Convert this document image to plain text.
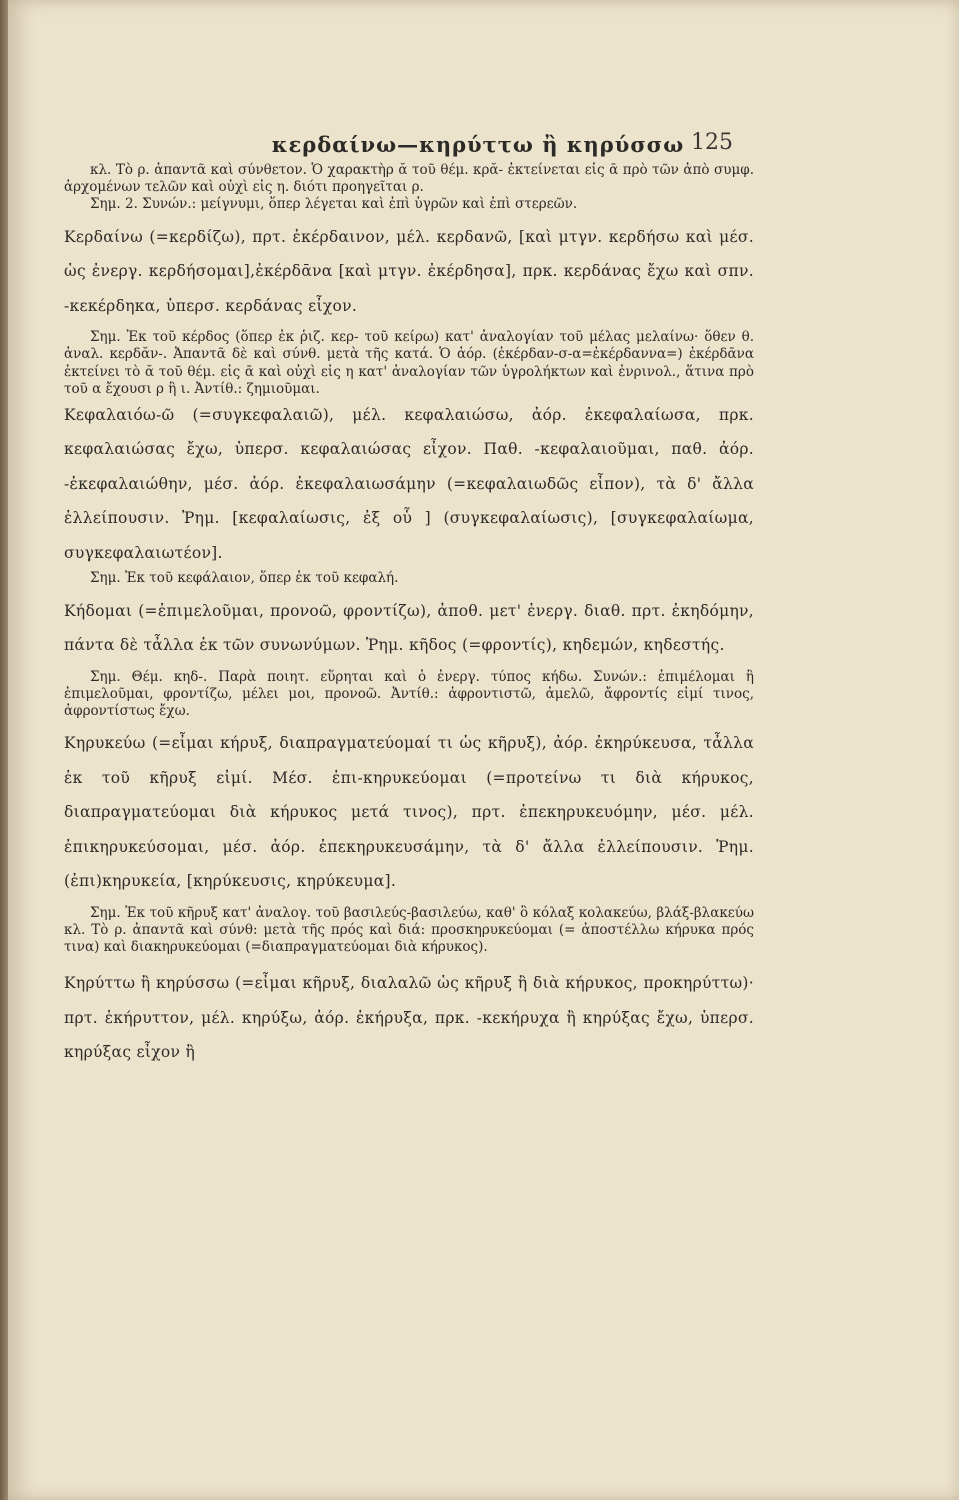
κερδαίνω—κηρύττω ἢ κηρύσσω 125

κλ. Τὸ ρ. ἀπαντᾶ καὶ σύνθετον. Ὁ χαρακτὴρ ᾰ τοῦ θέμ. κρᾰ- ἐκτείνεται εἰς ᾱ πρὸ τῶν ἀπὸ συμφ. ἀρχομένων τελῶν καὶ οὐχὶ εἰς η. διότι προηγεῖται ρ.

Σημ. 2. Συνών.: μείγνυμι, ὅπερ λέγεται καὶ ἐπὶ ὑγρῶν καὶ ἐπὶ στερεῶν.

Κερδαίνω (=κερδίζω), πρτ. ἐκέρδαινον, μέλ. κερδανῶ, [καὶ μτγν. κερδήσω καὶ μέσ. ὡς ἐνεργ. κερδήσομαι],ἐκέρδᾱνα [καὶ μτγν. ἐκέρδησα], πρκ. κερδάνας ἔχω καὶ σπν. -κεκέρδηκα, ὑπερσ. κερδάνας εἶχον.

Σημ. Ἐκ τοῦ κέρδος (ὅπερ ἐκ ῥιζ. κερ- τοῦ κείρω) κατ' ἀναλογίαν τοῦ μέλας μελαίνω· ὅθεν θ. ἀναλ. κερδᾰν-. Ἀπαντᾶ δὲ καὶ σύνθ. μετὰ τῆς κατά. Ὁ ἀόρ. (ἐκέρδαν-σ-α=ἐκέρδαννα=) ἐκέρδᾱνα ἐκτείνει τὸ ᾰ τοῦ θέμ. εἰς ᾱ καὶ οὐχὶ εἰς η κατ' ἀναλογίαν τῶν ὑγρολήκτων καὶ ἐνρινολ., ἅτινα πρὸ τοῦ α ἔχουσι ρ ἢ ι. Ἀντίθ.: ζημιοῦμαι.

Κεφαλαιόω-ῶ (=συγκεφαλαιῶ), μέλ. κεφαλαιώσω, ἀόρ. ἐκεφαλαίωσα, πρκ. κεφαλαιώσας ἔχω, ὑπερσ. κεφαλαιώσας εἶχον. Παθ. -κεφαλαιοῦμαι, παθ. ἀόρ. -ἐκεφαλαιώθην, μέσ. ἀόρ. ἐκεφαλαιωσάμην (=κεφαλαιωδῶς εἶπον), τὰ δ' ἄλλα ἐλλείπουσιν. Ῥημ. [κεφαλαίωσις, ἐξ οὗ ] (συγκεφαλαίωσις), [συγκεφαλαίωμα, συγκεφαλαιωτέον].

Σημ. Ἐκ τοῦ κεφάλαιον, ὅπερ ἐκ τοῦ κεφαλή.

Κήδομαι (=ἐπιμελοῦμαι, προνοῶ, φροντίζω), ἀποθ. μετ' ἐνεργ. διαθ. πρτ. ἐκηδόμην, πάντα δὲ τἆλλα ἐκ τῶν συνωνύμων. Ῥημ. κῆδος (=φροντίς), κηδεμών, κηδεστής.

Σημ. Θέμ. κηδ-. Παρὰ ποιητ. εὕρηται καὶ ὁ ἐνεργ. τύπος κήδω. Συνών.: ἐπιμέλομαι ἢ ἐπιμελοῦμαι, φροντίζω, μέλει μοι, προνοῶ. Ἀντίθ.: ἀφροντιστῶ, ἀμελῶ, ἄφροντίς εἰμί τινος, ἀφροντίστως ἔχω.

Κηρυκεύω (=εἶμαι κήρυξ, διαπραγματεύομαί τι ὡς κῆρυξ), ἀόρ. ἐκηρύκευσα, τἆλλα ἐκ τοῦ κῆρυξ εἰμί. Μέσ. ἐπι-κηρυκεύομαι (=προτείνω τι διὰ κήρυκος, διαπραγματεύομαι διὰ κήρυκος μετά τινος), πρτ. ἐπεκηρυκευόμην, μέσ. μέλ. ἐπικηρυκεύσομαι, μέσ. ἀόρ. ἐπεκηρυκευσάμην, τὰ δ' ἄλλα ἐλλείπουσιν. Ῥημ. (ἐπι)κηρυκεία, [κηρύκευσις, κηρύκευμα].

Σημ. Ἐκ τοῦ κῆρυξ κατ' ἀναλογ. τοῦ βασιλεύς-βασιλεύω, καθ' ὃ κόλαξ κολακεύω, βλάξ-βλακεύω κλ. Τὸ ρ. ἀπαντᾶ καὶ σύνθ: μετὰ τῆς πρός καὶ διά: προσκηρυκεύομαι (= ἀποστέλλω κήρυκα πρός τινα) καὶ διακηρυκεύομαι (=διαπραγματεύομαι διὰ κήρυκος).

Κηρύττω ἢ κηρύσσω (=εἶμαι κῆρυξ, διαλαλῶ ὡς κῆρυξ ἢ διὰ κήρυκος, προκηρύττω)· πρτ. ἐκήρυττον, μέλ. κηρύξω, ἀόρ. ἐκήρυξα, πρκ. -κεκήρυχα ἢ κηρύξας ἔχω, ὑπερσ. κηρύξας εἶχον ἢ
